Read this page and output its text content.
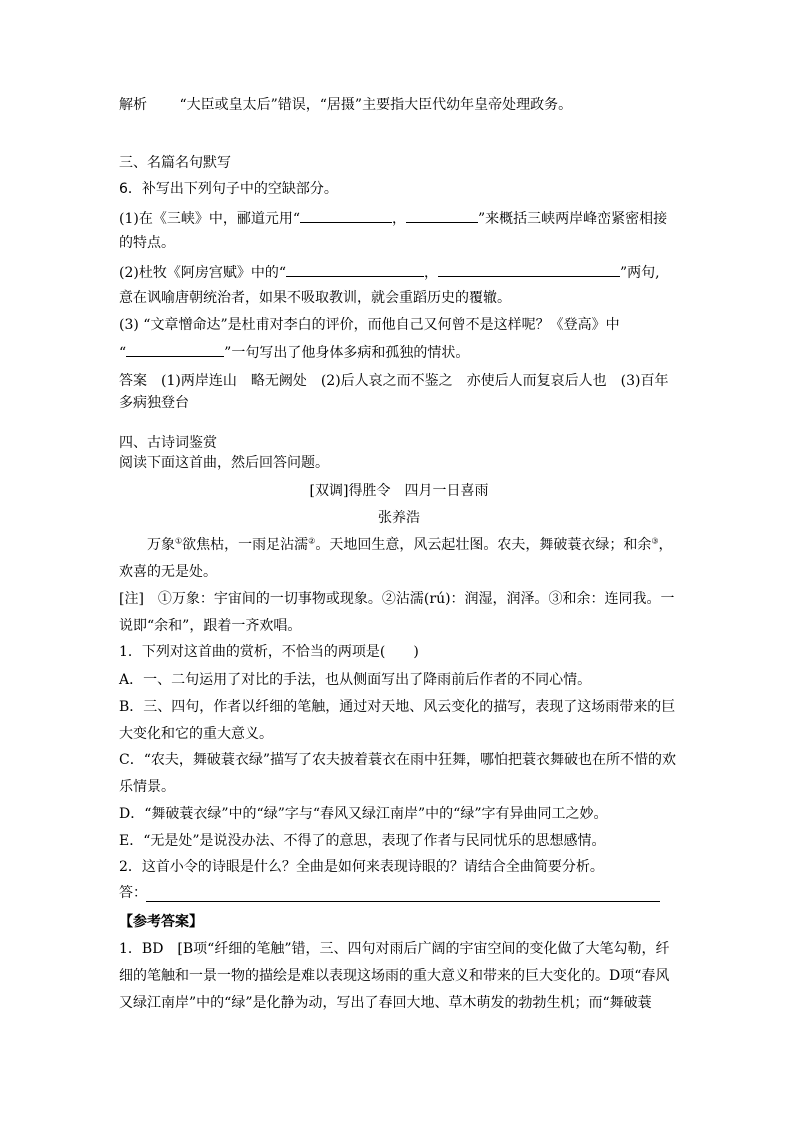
解析 “大臣或皇太后”错误，“居摄”主要指大臣代幼年皇帝处理政务。
三、名篇名句默写
6．补写出下列句子中的空缺部分。
(1)在《三峡》中，郦道元用“	，	”来概括三峡两岸峰峦紧密相接
的特点。
(2)杜牧《阿房宫赋》中的“	，	”两句,
意在讽喻唐朝统治者，如果不吸取教训，就会重蹈历史的覆辙。
(3) “文章憎命达”是杜甫对李白的评价，而他自己又何曾不是这样呢？《登高》中
“	”一句写出了他身体多病和孤独的情状。
答案　(1)两岸连山　略无阙处　(2)后人哀之而不鉴之　亦使后人而复哀后人也　(3)百年
多病独登台
四、古诗词鉴赏
阅读下面这首曲，然后回答问题。
[双调]得胜令　四月一日喜雨
张养浩
万象①欲焦枯，一雨足沾濡②。天地回生意，风云起壮图。农夫，舞破蓑衣绿；和余③，
欢喜的无是处。
[注]　①万象：宇宙间的一切事物或现象。②沾濡(rú)：润湿，润泽。③和余：连同我。一
说即“余和”，跟着一齐欢唱。
1．下列对这首曲的赏析，不恰当的两项是(　　)
A．一、二句运用了对比的手法，也从侧面写出了降雨前后作者的不同心情。
B．三、四句，作者以纤细的笔触，通过对天地、风云变化的描写，表现了这场雨带来的巨
大变化和它的重大意义。
C．“农夫，舞破蓑衣绿”描写了农夫披着蓑衣在雨中狂舞，哪怕把蓑衣舞破也在所不惜的欢
乐情景。
D．“舞破蓑衣绿”中的“绿”字与“春风又绿江南岸”中的“绿”字有异曲同工之妙。
E．“无是处”是说没办法、不得了的意思，表现了作者与民同忧乐的思想感情。
2．这首小令的诗眼是什么？全曲是如何来表现诗眼的？请结合全曲简要分析。
答：
【参考答案】
1．BD　[B项“纤细的笔触”错，三、四句对雨后广阔的宇宙空间的变化做了大笔勾勒，纤
细的笔触和一景一物的描绘是难以表现这场雨的重大意义和带来的巨大变化的。D项“春风
又绿江南岸”中的“绿”是化静为动，写出了春回大地、草木萌发的勃勃生机；而“舞破蓑
